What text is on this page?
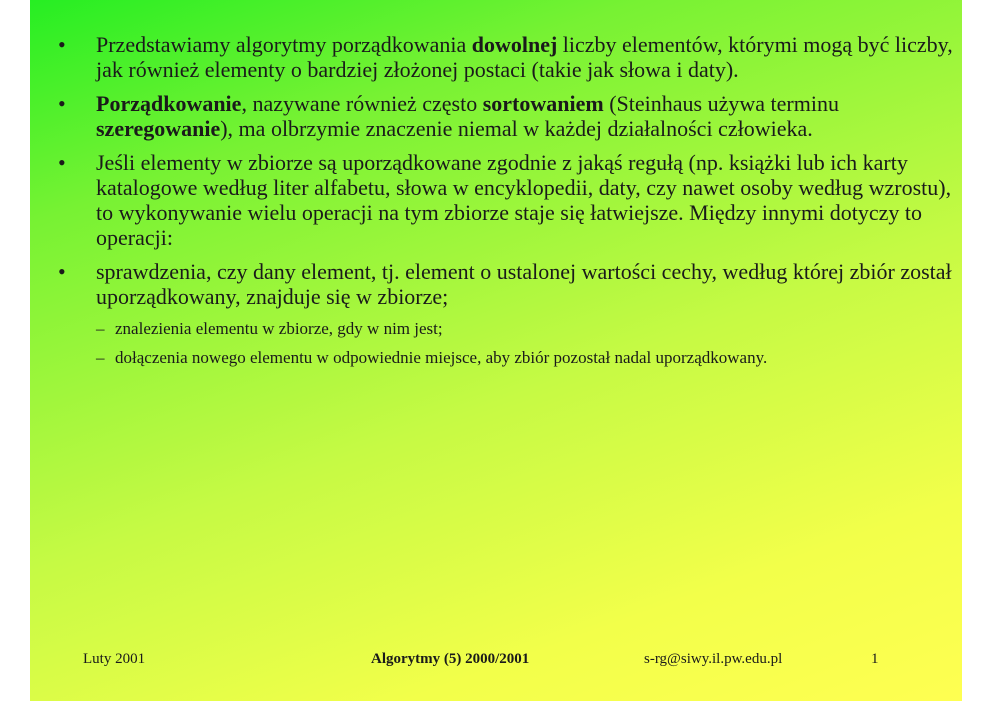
•	Przedstawiamy algorytmy porządkowania dowolnej liczby elementów, którymi mogą być liczby, jak również elementy o bardziej złożonej postaci (takie jak słowa i daty).
•	Porządkowanie, nazywane również często sortowaniem (Steinhaus używa terminu szeregowanie), ma olbrzymie znaczenie niemal w każdej działalności człowieka.
•	Jeśli elementy w zbiorze są uporządkowane zgodnie z jakąś regułą (np. książki lub ich karty katalogowe według liter alfabetu, słowa w encyklopedii, daty, czy nawet osoby według wzrostu), to wykonywanie wielu operacji na tym zbiorze staje się łatwiejsze. Między innymi dotyczy to operacji:
•	sprawdzenia, czy dany element, tj. element o ustalonej wartości cechy, według której zbiór został uporządkowany, znajduje się w zbiorze;
– znalezienia elementu w zbiorze, gdy w nim jest;
– dołączenia nowego elementu w odpowiednie miejsce, aby zbiór pozostał nadal uporządkowany.
Luty 2001	Algorytmy (5) 2000/2001	s-rg@siwy.il.pw.edu.pl	1
